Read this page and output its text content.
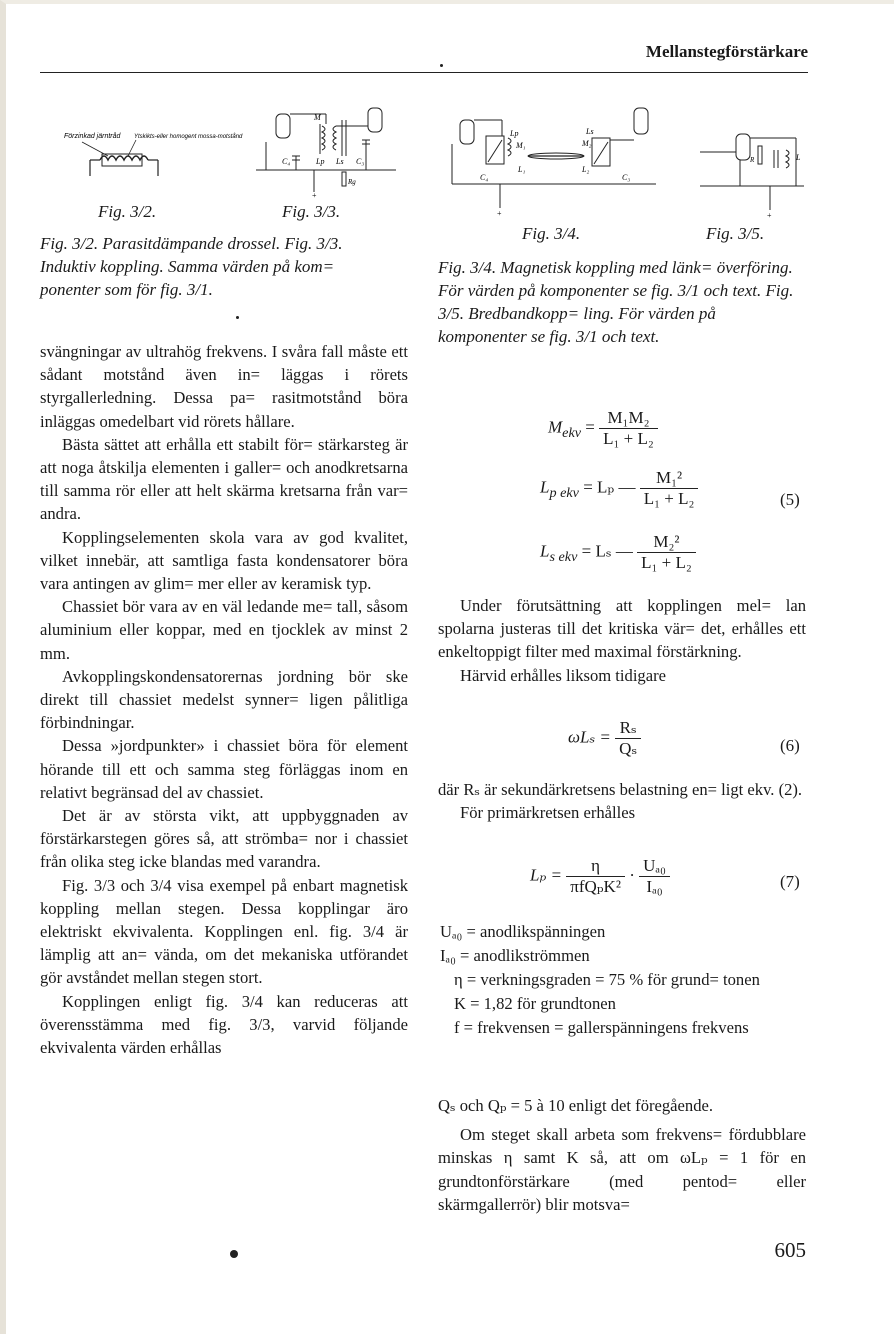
Mellanstegförstärkare
Förzinkad järntråd Ytskikts-eller homogent mossa-motstånd
M
Lp Ls C₃
C₄
+
Rg
Fig. 3/2.	Fig. 3/3.
Fig. 3/2. Parasitdämpande drossel. Fig. 3/3. Induktiv koppling. Samma värden på kom= ponenter som för fig. 3/1.

svängningar av ultrahög frekvens. I svåra fall måste ett sådant motstånd även in= läggas i rörets styrgallerledning. Dessa pa= rasitmotstånd böra inläggas omedelbart vid rörets hållare.

Bästa sättet att erhålla ett stabilt för= stärkarsteg är att noga åtskilja elementen i galler= och anodkretsarna till samma rör eller att helt skärma kretsarna från var= andra.

Kopplingselementen skola vara av god kvalitet, vilket innebär, att samtliga fasta kondensatorer böra vara antingen av glim= mer eller av keramisk typ.

Chassiet bör vara av en väl ledande me= tall, såsom aluminium eller koppar, med en tjocklek av minst 2 mm.

Avkopplingskondensatorernas jordning bör ske direkt till chassiet medelst synner= ligen pålitliga förbindningar.

Dessa »jordpunkter» i chassiet böra för element hörande till ett och samma steg förläggas inom en relativt begränsad del av chassiet.

Det är av största vikt, att uppbyggnaden av förstärkarstegen göres så, att strömba= nor i chassiet från olika steg icke blandas med varandra.

Fig. 3/3 och 3/4 visa exempel på enbart magnetisk koppling mellan stegen. Dessa kopplingar äro elektriskt ekvivalenta. Kopplingen enl. fig. 3/4 är lämplig att an= vända, om det mekaniska utförandet gör avståndet mellan stegen stort.

Kopplingen enligt fig. 3/4 kan reduceras att överensstämma med fig. 3/3, varvid följande ekvivalenta värden erhållas

Lp
M₁
L₁
Ls
M₂
L₂
C₃
C₄
+
L
R
+
Fig. 3/4.	Fig. 3/5.
Fig. 3/4. Magnetisk koppling med länk= överföring. För värden på komponenter se fig. 3/1 och text. Fig. 3/5. Bredbandkopp= ling. För värden på komponenter se fig. 3/1 och text.
$M_{ekv} = \frac{\text{M₁M₂}}{\text{L₁ + L₂}}$
$L_{p ekv} = L_p$ — $\frac{\text{M₁²}}{\text{L₁ + L₂}}$
$L_{s ekv} = L_s$ — $\frac{\text{M₂²}}{\text{L₁ + L₂}}$
(5)

Under förutsättning att kopplingen mel= lan spolarna justeras till det kritiska vär= det, erhålles ett enkeltoppigt filter med maximal förstärkning.

Härvid erhålles liksom tidigare

$\omega L_s = \frac{\text{Rₛ}}{\text{Qₛ}}$	(6)

där Rₛ är sekundärkretsens belastning en= ligt ekv. (2).

För primärkretsen erhålles

$L_p = \frac{\eta}{\text{πfQₚK²}} \cdot \frac{\text{Uₐ₀}}{\text{Iₐ₀}}$	(7)
Uₐ₀ = anodlikspänningen
Iₐ₀ = anodlikströmmen
η = verkningsgraden = 75 % för grund= tonen
K = 1,82 för grundtonen
f = frekvensen = gallerspänningens frekvens

Qₛ och Qₚ = 5 à 10 enligt det föregående.

Om steget skall arbeta som frekvens= fördubblare minskas η samt K så, att om ωLₚ = 1 för en grundtonförstärkare (med pentod= eller skärmgallerrör) blir motsva=

605
